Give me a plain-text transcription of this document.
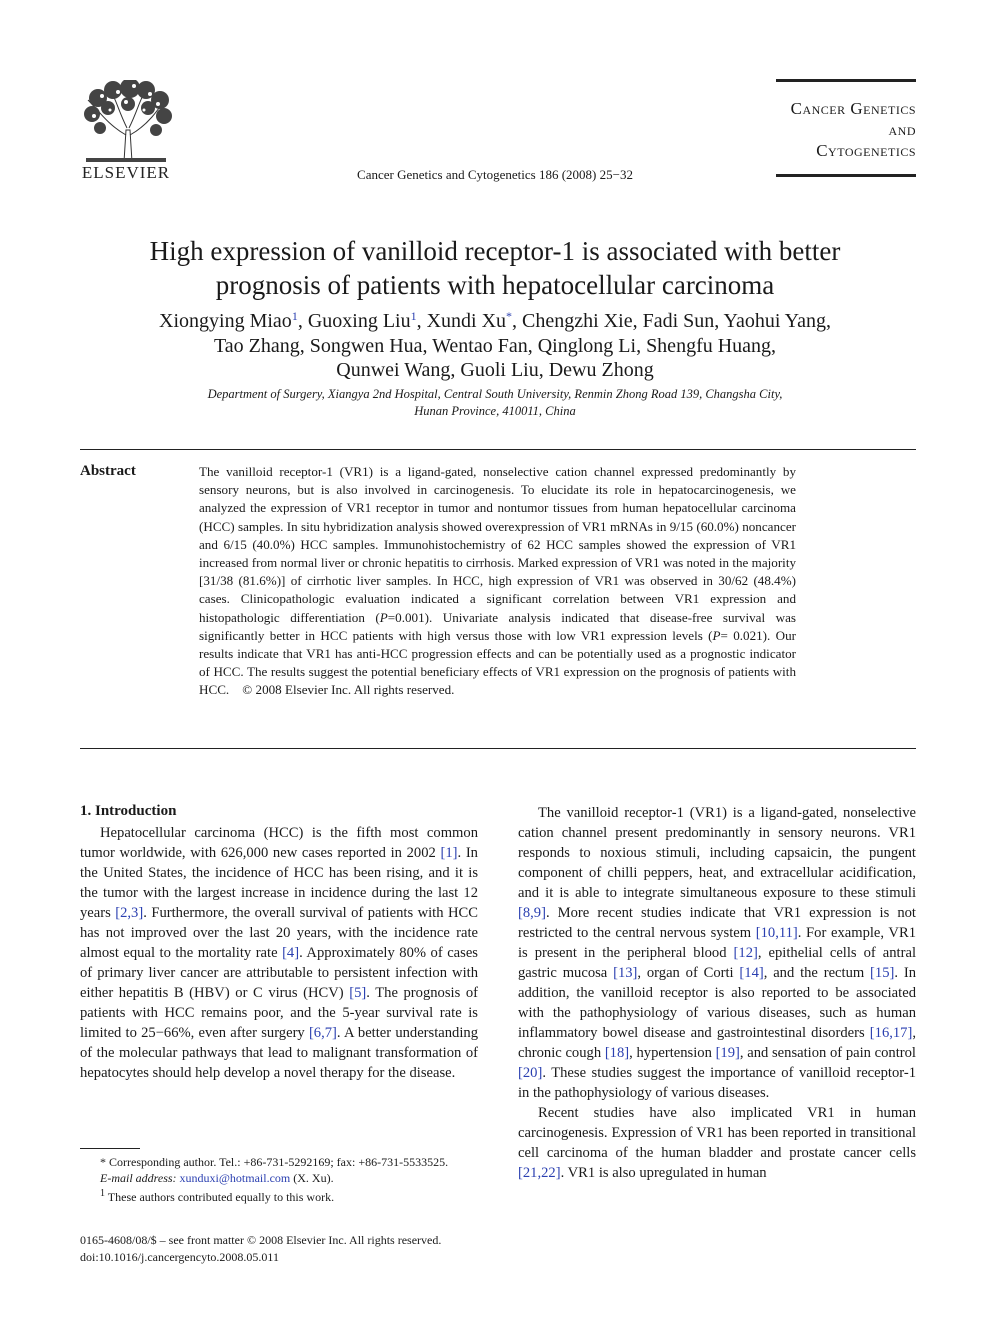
ELSEVIER	Cancer Genetics and Cytogenetics 186 (2008) 25−32
Cancer Genetics
and
Cytogenetics
High expression of vanilloid receptor-1 is associated with better
prognosis of patients with hepatocellular carcinoma
Xiongying Miao$^1$, Guoxing Liu$^1$, Xundi Xu*, Chengzhi Xie, Fadi Sun, Yaohui Yang,
Tao Zhang, Songwen Hua, Wentao Fan, Qinglong Li, Shengfu Huang,
Qunwei Wang, Guoli Liu, Dewu Zhong
Department of Surgery, Xiangya 2nd Hospital, Central South University, Renmin Zhong Road 139, Changsha City,
Hunan Province, 410011, China
Abstract	The vanilloid receptor-1 (VR1) is a ligand-gated, nonselective cation channel expressed predominantly by sensory neurons, but is also involved in carcinogenesis. To elucidate its role in hepatocarcinogenesis, we analyzed the expression of VR1 receptor in tumor and nontumor tissues from human hepatocellular carcinoma (HCC) samples. In situ hybridization analysis showed overexpression of VR1 mRNAs in 9/15 (60.0%) noncancer and 6/15 (40.0%) HCC samples. Immunohistochemistry of 62 HCC samples showed the expression of VR1 increased from normal liver or chronic hepatitis to cirrhosis. Marked expression of VR1 was noted in the majority [31/38 (81.6%)] of cirrhotic liver samples. In HCC, high expression of VR1 was observed in 30/62 (48.4%) cases. Clinicopathologic evaluation indicated a significant correlation between VR1 expression and histopathologic differentiation (P=0.001). Univariate analysis indicated that disease-free survival was significantly better in HCC patients with high versus those with low VR1 expression levels (P= 0.021). Our results indicate that VR1 has anti-HCC progression effects and can be potentially used as a prognostic indicator of HCC. The results suggest the potential beneficiary effects of VR1 expression on the prognosis of patients with HCC. © 2008 Elsevier Inc. All rights reserved.
1. Introduction

Hepatocellular carcinoma (HCC) is the fifth most common tumor worldwide, with 626,000 new cases reported in 2002 [1]. In the United States, the incidence of HCC has been rising, and it is the tumor with the largest increase in incidence during the last 12 years [2,3]. Furthermore, the overall survival of patients with HCC has not improved over the last 20 years, with the incidence rate almost equal to the mortality rate [4]. Approximately 80% of cases of primary liver cancer are attributable to persistent infection with either hepatitis B (HBV) or C virus (HCV) [5]. The prognosis of patients with HCC remains poor, and the 5-year survival rate is limited to 25−66%, even after surgery [6,7]. A better understanding of the molecular pathways that lead to malignant transformation of hepatocytes should help develop a novel therapy for the disease.

The vanilloid receptor-1 (VR1) is a ligand-gated, nonselective cation channel present predominantly in sensory neurons. VR1 responds to noxious stimuli, including capsaicin, the pungent component of chilli peppers, heat, and extracellular acidification, and it is able to integrate simultaneous exposure to these stimuli [8,9]. More recent studies indicate that VR1 expression is not restricted to the central nervous system [10,11]. For example, VR1 is present in the peripheral blood [12], epithelial cells of antral gastric mucosa [13], organ of Corti [14], and the rectum [15]. In addition, the vanilloid receptor is also reported to be associated with the pathophysiology of various diseases, such as human inflammatory bowel disease and gastrointestinal disorders [16,17], chronic cough [18], hypertension [19], and sensation of pain control [20]. These studies suggest the importance of vanilloid receptor-1 in the pathophysiology of various diseases.

Recent studies have also implicated VR1 in human carcinogenesis. Expression of VR1 has been reported in transitional cell carcinoma of the human bladder and prostate cancer cells [21,22]. VR1 is also upregulated in human

* Corresponding author. Tel.: +86-731-5292169; fax: +86-731-5533525.

E-mail address: xunduxi@hotmail.com (X. Xu).

$^1$ These authors contributed equally to this work.

0165-4608/08/$ – see front matter © 2008 Elsevier Inc. All rights reserved.
doi:10.1016/j.cancergencyto.2008.05.011
